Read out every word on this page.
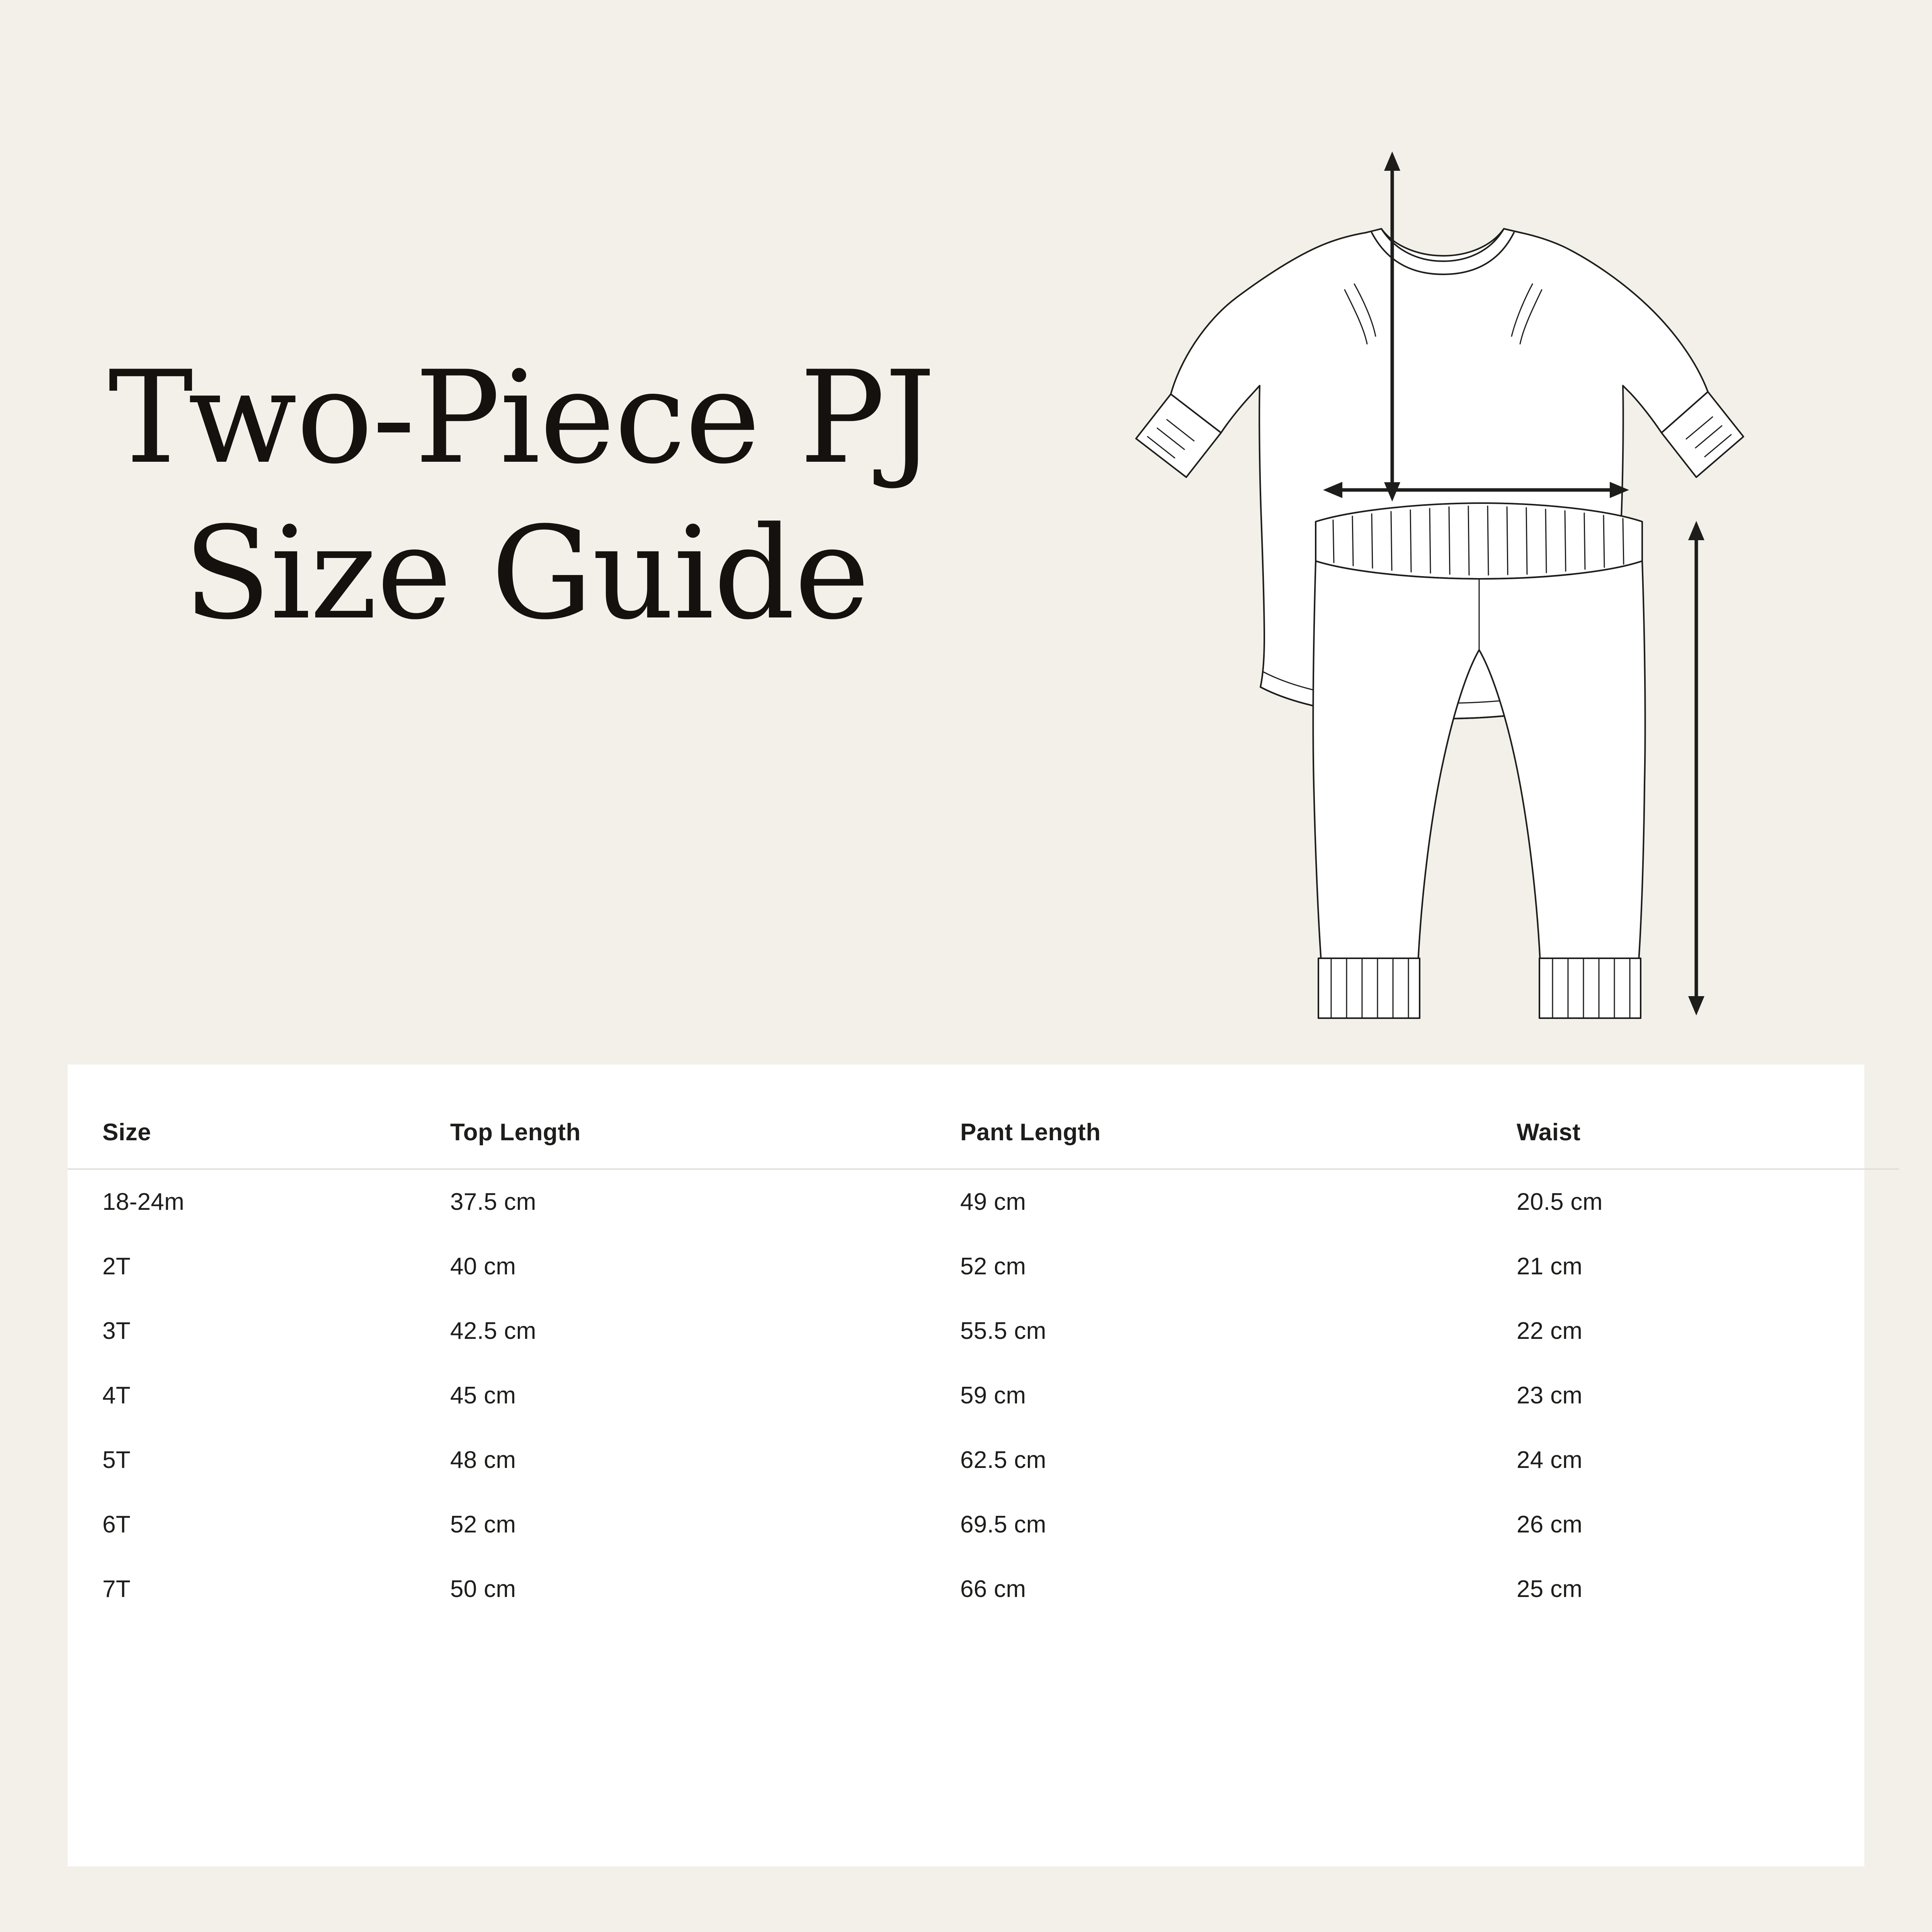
Two-Piece PJ
Size Guide
Size	Top Length	Pant Length	Waist
18-24m	37.5 cm	49 cm	20.5 cm
2T	40 cm	52 cm	21 cm
3T	42.5 cm	55.5 cm	22 cm
4T	45 cm	59 cm	23 cm
5T	48 cm	62.5 cm	24 cm
6T	52 cm	69.5 cm	26 cm
7T	50 cm	66 cm	25 cm
